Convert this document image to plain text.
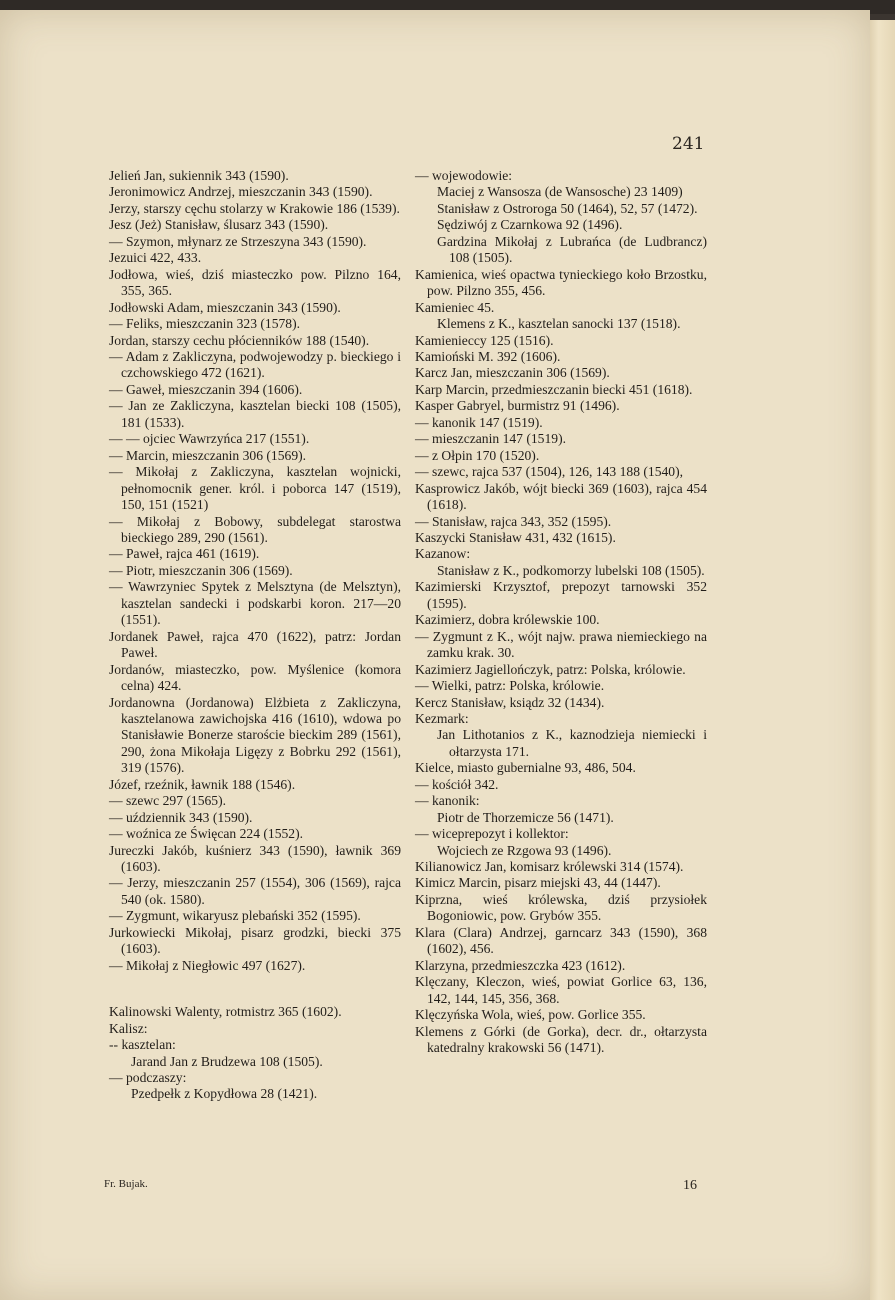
241
Jelień Jan, sukiennik 343 (1590).
Jeronimowicz Andrzej, mieszczanin 343 (1590).
Jerzy, starszy cęchu stolarzy w Krakowie 186 (1539).
Jesz (Jeż) Stanisław, ślusarz 343 (1590).
— Szymon, młynarz ze Strzeszyna 343 (1590).
Jezuici 422, 433.
Jodłowa, wieś, dziś miasteczko pow. Pilzno 164, 355, 365.
Jodłowski Adam, mieszczanin 343 (1590).
— Feliks, mieszczanin 323 (1578).
Jordan, starszy cechu płócienników 188 (1540).
— Adam z Zakliczyna, podwojewodzy p. bieckiego i czchowskiego 472 (1621).
— Gaweł, mieszczanin 394 (1606).
— Jan ze Zakliczyna, kasztelan biecki 108 (1505), 181 (1533).
— — ojciec Wawrzyńca 217 (1551).
— Marcin, mieszczanin 306 (1569).
— Mikołaj z Zakliczyna, kasztelan wojnicki, pełnomocnik gener. król. i poborca 147 (1519), 150, 151 (1521)
— Mikołaj z Bobowy, subdelegat starostwa bieckiego 289, 290 (1561).
— Paweł, rajca 461 (1619).
— Piotr, mieszczanin 306 (1569).
— Wawrzyniec Spytek z Melsztyna (de Melsztyn), kasztelan sandecki i podskarbi koron. 217—20 (1551).
Jordanek Paweł, rajca 470 (1622), patrz: Jordan Paweł.
Jordanów, miasteczko, pow. Myślenice (komora celna) 424.
Jordanowna (Jordanowa) Elżbieta z Zakliczyna, kasztelanowa zawichojska 416 (1610), wdowa po Stanisławie Bonerze staroście bieckim 289 (1561), 290, żona Mikołaja Ligęzy z Bobrku 292 (1561), 319 (1576).
Józef, rzeźnik, ławnik 188 (1546).
— szewc 297 (1565).
— uździennik 343 (1590).
— woźnica ze Święcan 224 (1552).
Jureczki Jakób, kuśnierz 343 (1590), ławnik 369 (1603).
— Jerzy, mieszczanin 257 (1554), 306 (1569), rajca 540 (ok. 1580).
— Zygmunt, wikaryusz plebański 352 (1595).
Jurkowiecki Mikołaj, pisarz grodzki, biecki 375 (1603).
— Mikołaj z Niegłowic 497 (1627).
Kalinowski Walenty, rotmistrz 365 (1602).
Kalisz:
-- kasztelan:
Jarand Jan z Brudzewa 108 (1505).
— podczaszy:
Pzedpełk z Kopydłowa 28 (1421).
— wojewodowie:
Maciej z Wansosza (de Wansosche) 23 1409)
Stanisław z Ostroroga 50 (1464), 52, 57 (1472).
Sędziwój z Czarnkowa 92 (1496).
Gardzina Mikołaj z Lubrańca (de Ludbrancz) 108 (1505).
Kamienica, wieś opactwa tynieckiego koło Brzostku, pow. Pilzno 355, 456.
Kamieniec 45.
Klemens z K., kasztelan sanocki 137 (1518).
Kamienieccy 125 (1516).
Kamioński M. 392 (1606).
Karcz Jan, mieszczanin 306 (1569).
Karp Marcin, przedmieszczanin biecki 451 (1618).
Kasper Gabryel, burmistrz 91 (1496).
— kanonik 147 (1519).
— mieszczanin 147 (1519).
— z Ołpin 170 (1520).
— szewc, rajca 537 (1504), 126, 143 188 (1540),
Kasprowicz Jakób, wójt biecki 369 (1603), rajca 454 (1618).
— Stanisław, rajca 343, 352 (1595).
Kaszycki Stanisław 431, 432 (1615).
Kazanow:
Stanisław z K., podkomorzy lubelski 108 (1505).
Kazimierski Krzysztof, prepozyt tarnowski 352 (1595).
Kazimierz, dobra królewskie 100.
— Zygmunt z K., wójt najw. prawa niemieckiego na zamku krak. 30.
Kazimierz Jagiellończyk, patrz: Polska, królowie.
— Wielki, patrz: Polska, królowie.
Kercz Stanisław, ksiądz 32 (1434).
Kezmark:
Jan Lithotanios z K., kaznodzieja niemiecki i ołtarzysta 171.
Kielce, miasto gubernialne 93, 486, 504.
— kościół 342.
— kanonik:
Piotr de Thorzemicze 56 (1471).
— wiceprepozyt i kollektor:
Wojciech ze Rzgowa 93 (1496).
Kilianowicz Jan, komisarz królewski 314 (1574).
Kimicz Marcin, pisarz miejski 43, 44 (1447).
Kiprzna, wieś królewska, dziś przysiołek Bogoniowic, pow. Grybów 355.
Klara (Clara) Andrzej, garncarz 343 (1590), 368 (1602), 456.
Klarzyna, przedmieszczka 423 (1612).
Klęczany, Kleczon, wieś, powiat Gorlice 63, 136, 142, 144, 145, 356, 368.
Klęczyńska Wola, wieś, pow. Gorlice 355.
Klemens z Górki (de Gorka), decr. dr., ołtarzysta katedralny krakowski 56 (1471).
Fr. Bujak.	16
